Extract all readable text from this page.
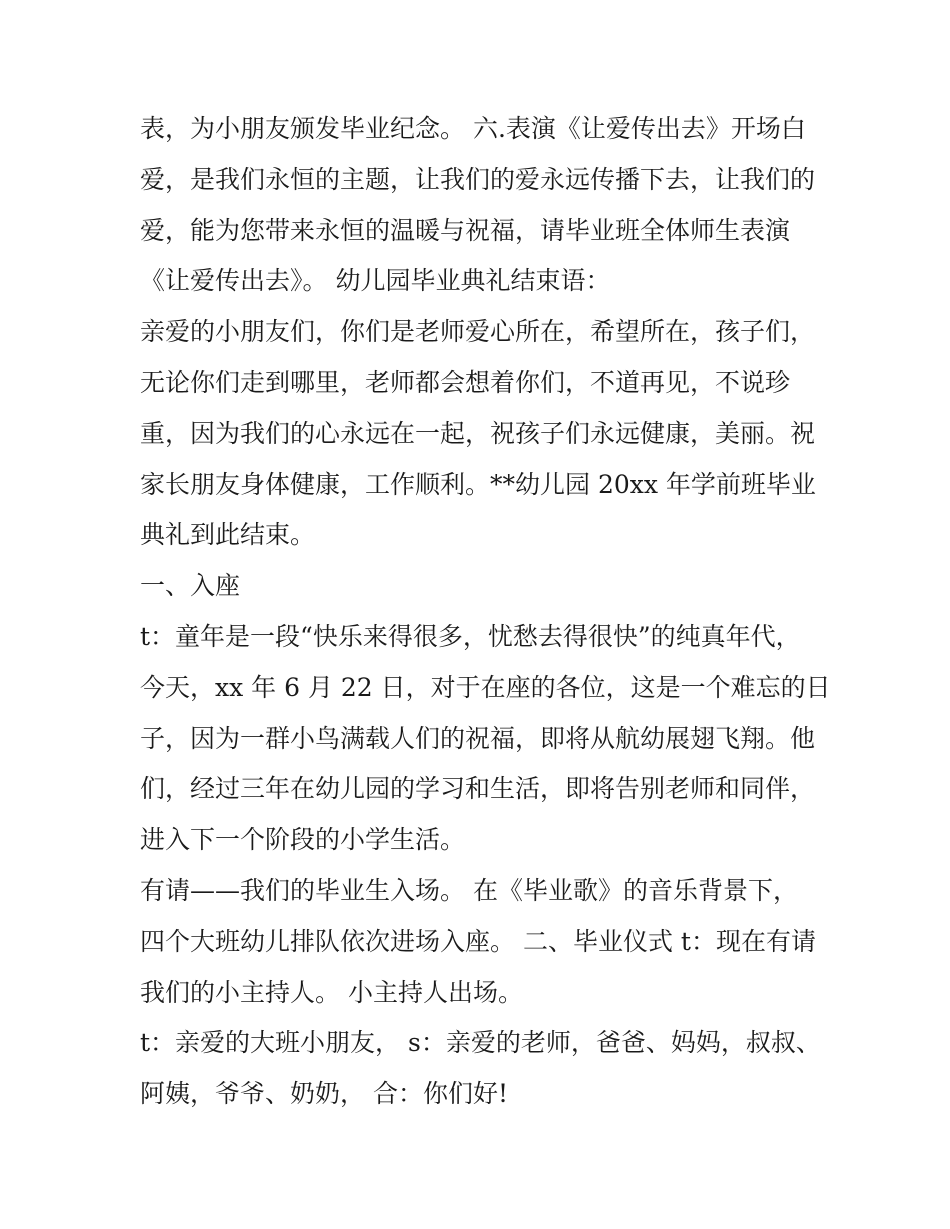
表，为小朋友颁发毕业纪念。 六.表演《让爱传出去》开场白
爱，是我们永恒的主题，让我们的爱永远传播下去，让我们的
爱，能为您带来永恒的温暖与祝福，请毕业班全体师生表演
《让爱传出去》。 幼儿园毕业典礼结束语：
亲爱的小朋友们，你们是老师爱心所在，希望所在，孩子们，
无论你们走到哪里，老师都会想着你们，不道再见，不说珍
重，因为我们的心永远在一起，祝孩子们永远健康，美丽。祝
家长朋友身体健康，工作顺利。**幼儿园 20xx 年学前班毕业
典礼到此结束。
一、入座
t：童年是一段“快乐来得很多，忧愁去得很快”的纯真年代，
今天，xx 年 6 月 22 日，对于在座的各位，这是一个难忘的日
子，因为一群小鸟满载人们的祝福，即将从航幼展翅飞翔。他
们，经过三年在幼儿园的学习和生活，即将告别老师和同伴，
进入下一个阶段的小学生活。
有请——我们的毕业生入场。 在《毕业歌》的音乐背景下，
四个大班幼儿排队依次进场入座。 二、毕业仪式 t：现在有请
我们的小主持人。 小主持人出场。
t：亲爱的大班小朋友， s：亲爱的老师，爸爸、妈妈，叔叔、
阿姨，爷爷、奶奶， 合：你们好!
